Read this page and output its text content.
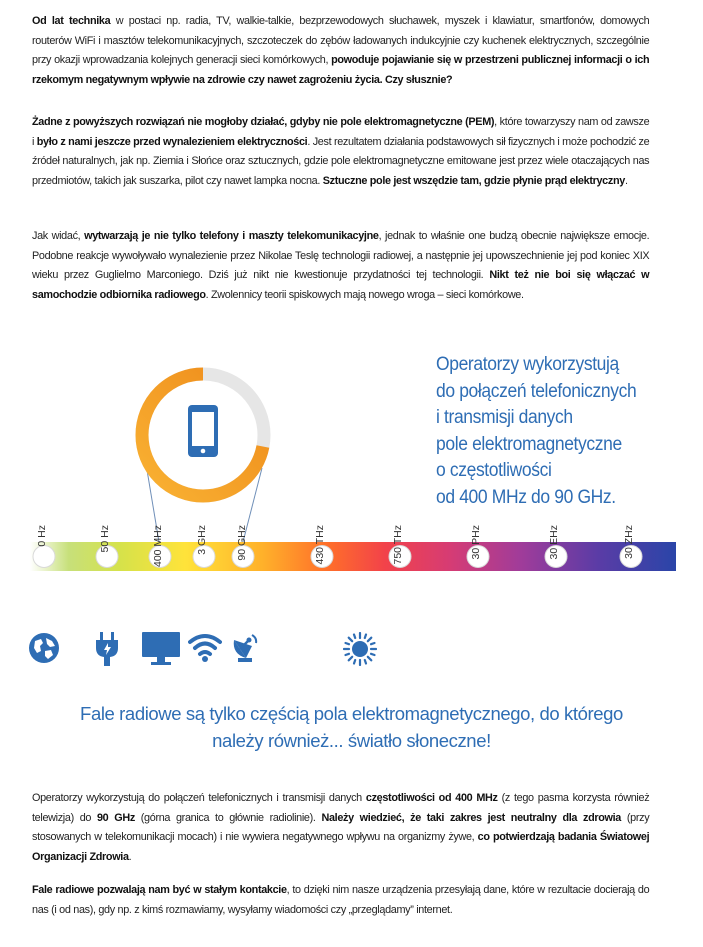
Od lat technika w postaci np. radia, TV, walkie-talkie, bezprzewodowych słuchawek, myszek i klawiatur, smartfonów, domowych routerów WiFi i masztów telekomunikacyjnych, szczoteczek do zębów ładowanych indukcyjnie czy kuchenek elektrycznych, szczególnie przy okazji wprowadzania kolejnych generacji sieci komórkowych, powoduje pojawianie się w przestrzeni publicznej informacji o ich rzekomym negatywnym wpływie na zdrowie czy nawet zagrożeniu życia. Czy słusznie?
Żadne z powyższych rozwiązań nie mogłoby działać, gdyby nie pole elektromagnetyczne (PEM), które towarzyszy nam od zawsze i było z nami jeszcze przed wynalezieniem elektryczności. Jest rezultatem działania podstawowych sił fizycznych i może pochodzić ze źródeł naturalnych, jak np. Ziemia i Słońce oraz sztucznych, gdzie pole elektromagnetyczne emitowane jest przez wiele otaczających nas przedmiotów, takich jak suszarka, pilot czy nawet lampka nocna. Sztuczne pole jest wszędzie tam, gdzie płynie prąd elektryczny.
Jak widać, wytwarzają je nie tylko telefony i maszty telekomunikacyjne, jednak to właśnie one budzą obecnie największe emocje. Podobne reakcje wywoływało wynalezienie przez Nikolae Teslę technologii radiowej, a następnie jej upowszechnienie jej pod koniec XIX wieku przez Guglielmo Marconiego. Dziś już nikt nie kwestionuje przydatności tej technologii. Nikt też nie boi się włączać w samochodzie odbiornika radiowego. Zwolennicy teorii spiskowych mają nowego wroga – sieci komórkowe.
Operatorzy wykorzystują
do połączeń telefonicznych
i transmisji danych
pole elektromagnetyczne
o częstotliwości
od 400 MHz do 90 GHz.
0 Hz	50 Hz	400 MHz	3 GHz	90 GHz	430 THz	750 THz	30 PHz	30 EHz	30 ZHz
Fale radiowe są tylko częścią pola elektromagnetycznego, do którego
należy również... światło słoneczne!
Operatorzy wykorzystują do połączeń telefonicznych i transmisji danych częstotliwości od 400 MHz (z tego pasma korzysta również telewizja) do 90 GHz (górna granica to głównie radiolinie). Należy wiedzieć, że taki zakres jest neutralny dla zdrowia (przy stosowanych w telekomunikacji mocach) i nie wywiera negatywnego wpływu na organizmy żywe, co potwierdzają badania Światowej Organizacji Zdrowia.
Fale radiowe pozwalają nam być w stałym kontakcie, to dzięki nim nasze urządzenia przesyłają dane, które w rezultacie docierają do nas (i od nas), gdy np. z kimś rozmawiamy, wysyłamy wiadomości czy „przeglądamy” internet.
